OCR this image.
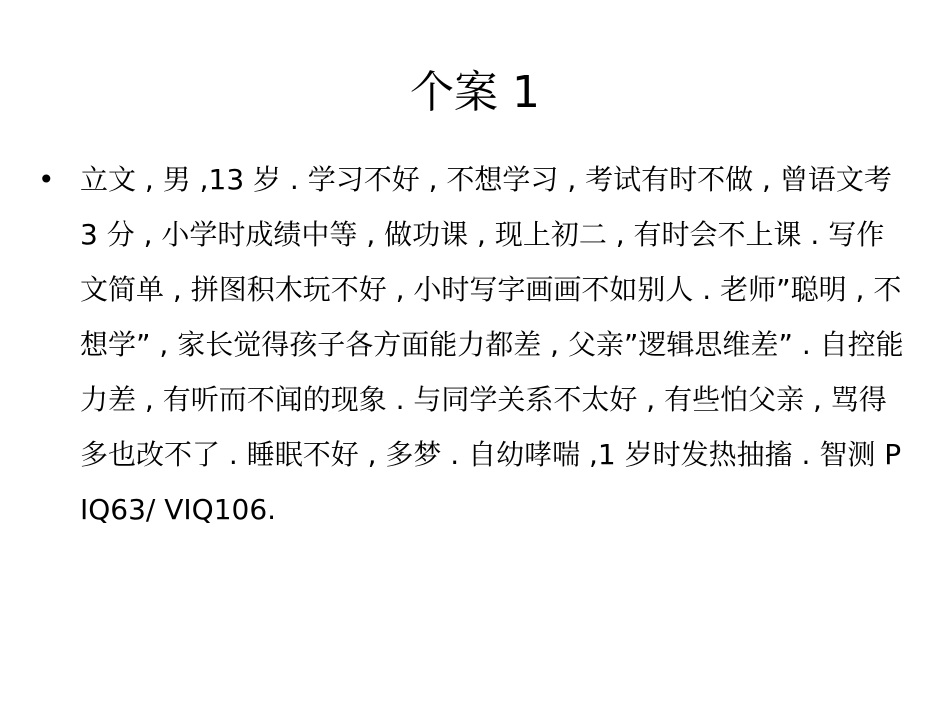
个案 1
• 立文 , 男 ,13 岁 . 学习不好 , 不想学习 , 考试有时不做 , 曾语文考 3 分 , 小学时成绩中等 , 做功课 , 现上初二 , 有时会不上课 . 写作文简单 , 拼图积木玩不好 , 小时写字画画不如别人 . 老师”聪明 , 不想学” , 家长觉得孩子各方面能力都差 , 父亲”逻辑思维差” . 自控能力差 , 有听而不闻的现象 . 与同学关系不太好 , 有些怕父亲 , 骂得多也改不了 . 睡眠不好 , 多梦 . 自幼哮喘 ,1 岁时发热抽搐 . 智测 PIQ63/ VIQ106.
